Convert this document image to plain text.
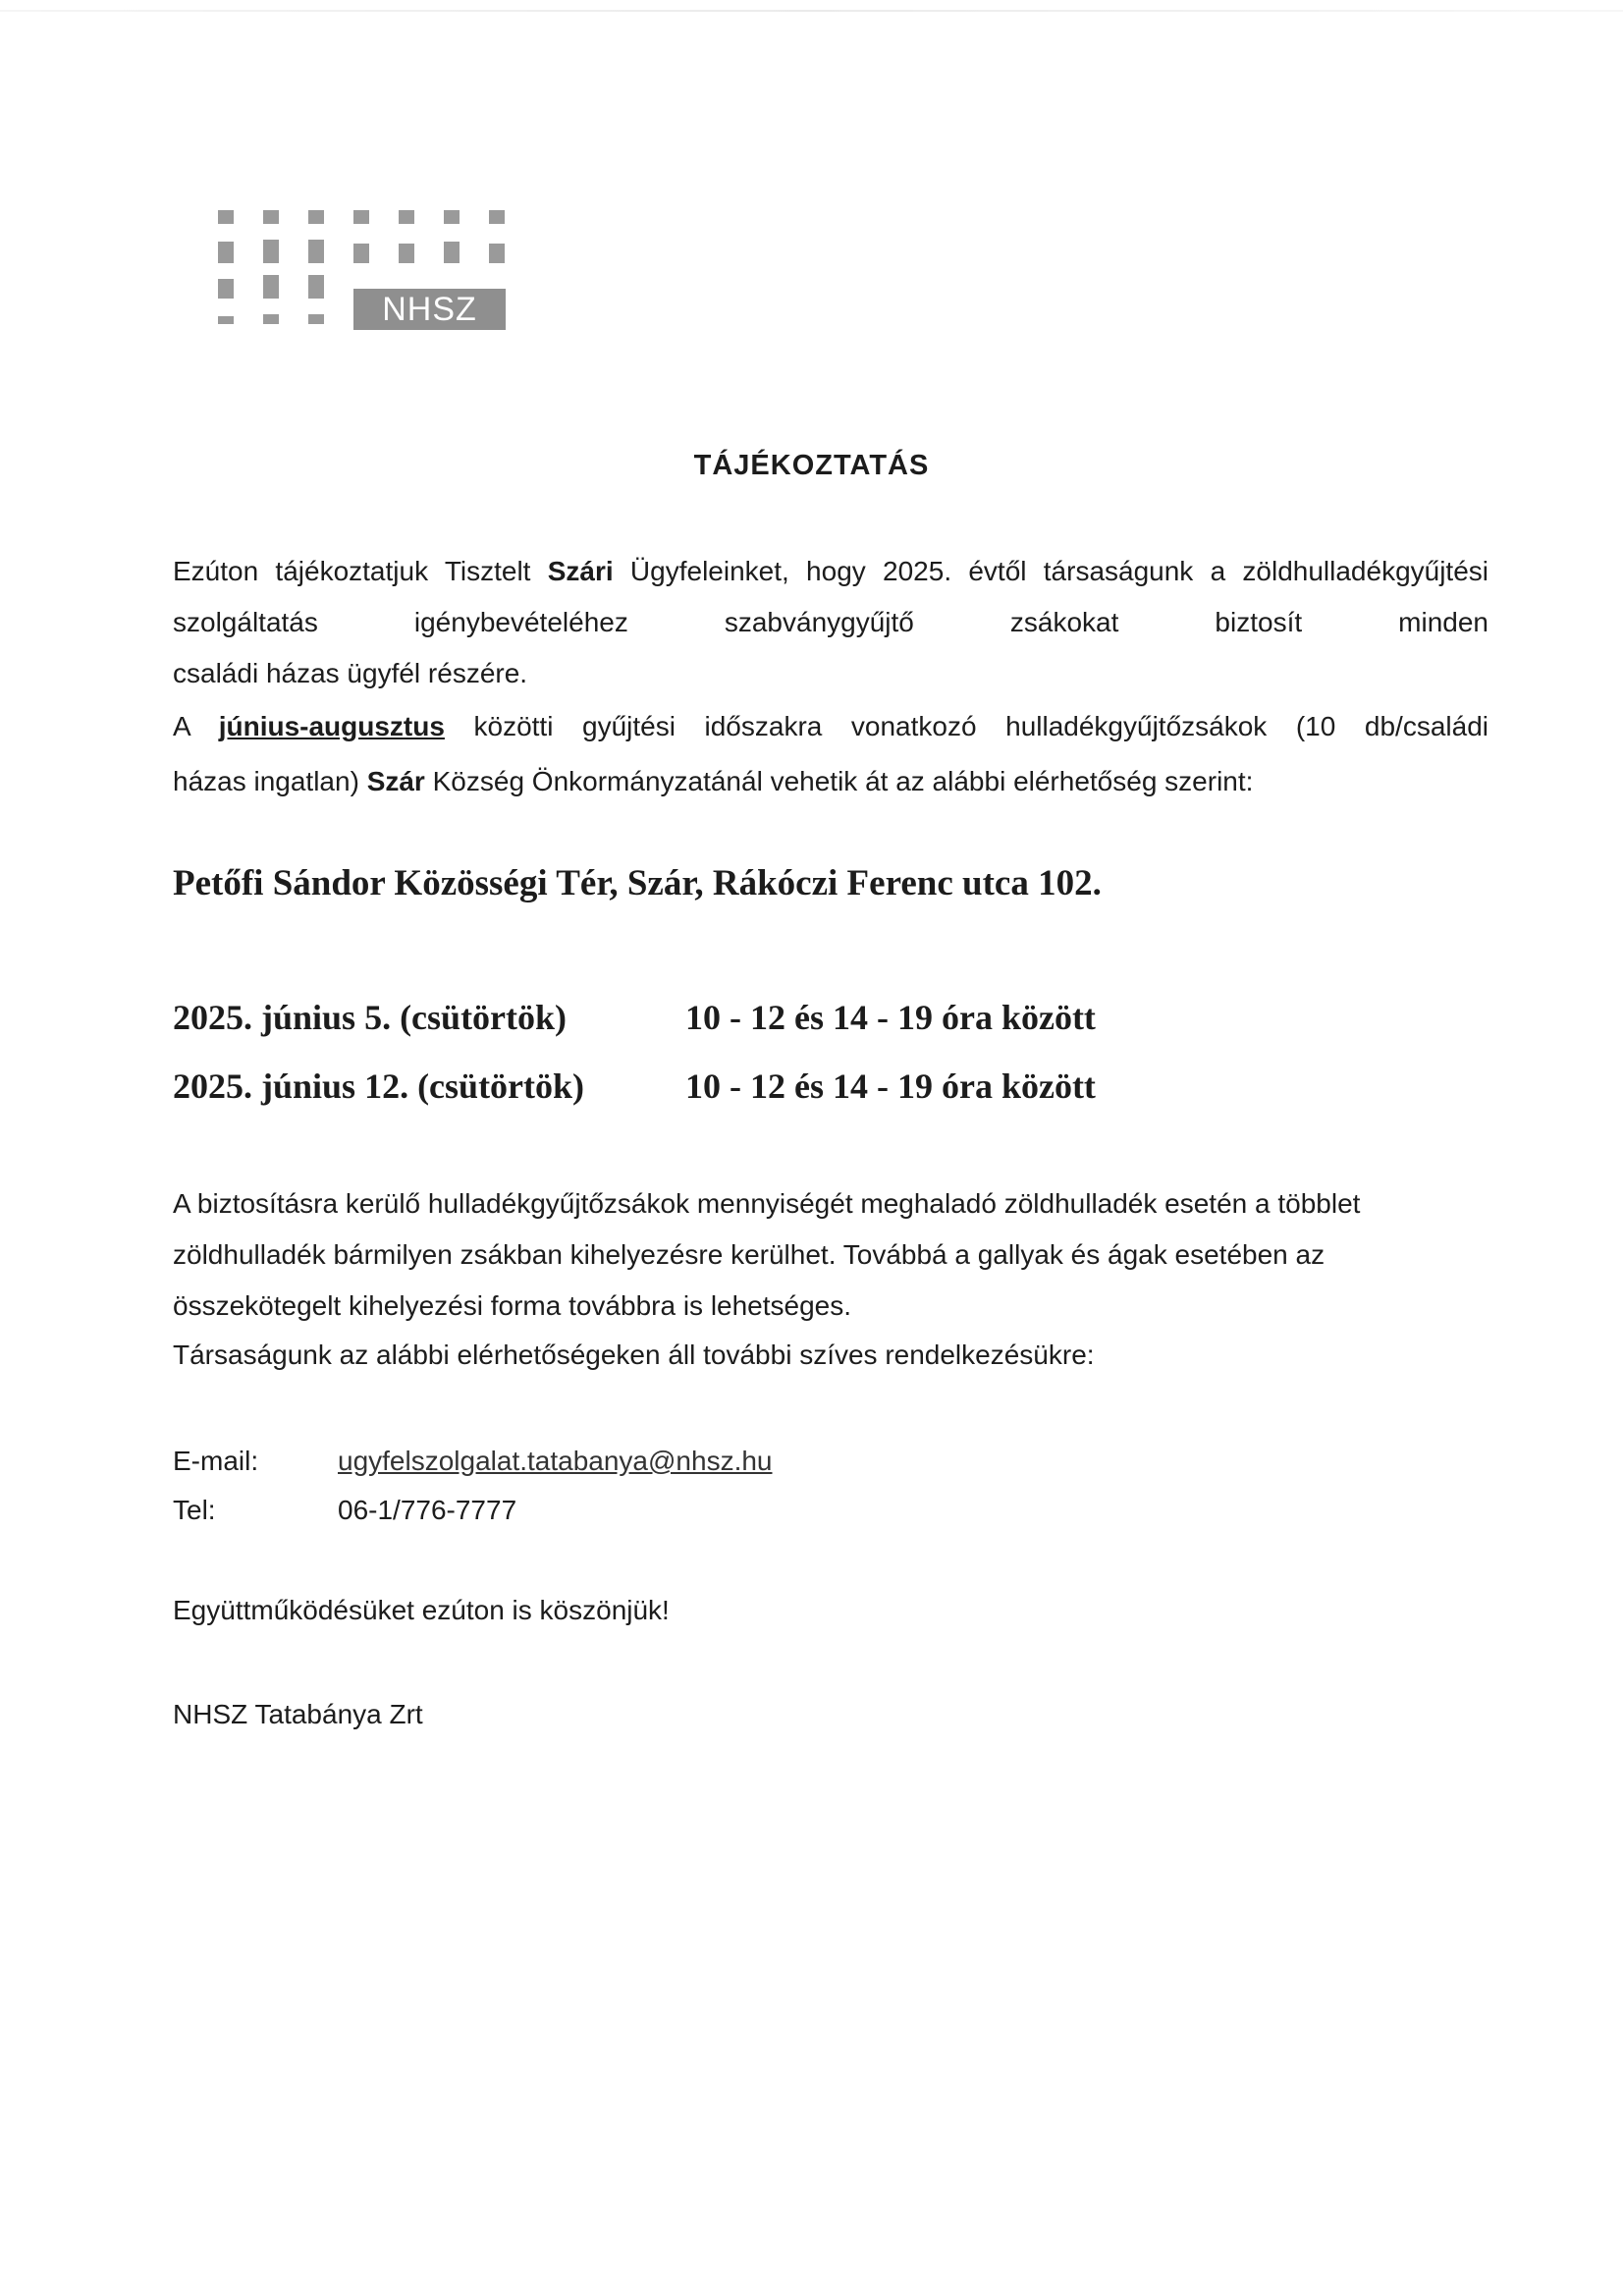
NHSZ
TÁJÉKOZTATÁS
Ezúton tájékoztatjuk Tisztelt Szári Ügyfeleinket, hogy 2025. évtől társaságunk a zöldhulladékgyűjtési szolgáltatás igénybevételéhez szabványgyűjtő zsákokat biztosít minden
családi házas ügyfél részére.
A június-augusztus közötti gyűjtési időszakra vonatkozó hulladékgyűjtőzsákok (10 db/családi
házas ingatlan) Szár Község Önkormányzatánál vehetik át az alábbi elérhetőség szerint:
Petőfi Sándor Közösségi Tér, Szár, Rákóczi Ferenc utca 102.
2025. június 5. (csütörtök)	10 - 12 és 14 - 19 óra között
2025. június 12. (csütörtök)	10 - 12 és 14 - 19 óra között
A biztosításra kerülő hulladékgyűjtőzsákok mennyiségét meghaladó zöldhulladék esetén a többlet
zöldhulladék bármilyen zsákban kihelyezésre kerülhet. Továbbá a gallyak és ágak esetében az
összekötegelt kihelyezési forma továbbra is lehetséges.
Társaságunk az alábbi elérhetőségeken áll további szíves rendelkezésükre:
E-mail:	ugyfelszolgalat.tatabanya@nhsz.hu
Tel:	06-1/776-7777
Együttműködésüket ezúton is köszönjük!
NHSZ Tatabánya Zrt
